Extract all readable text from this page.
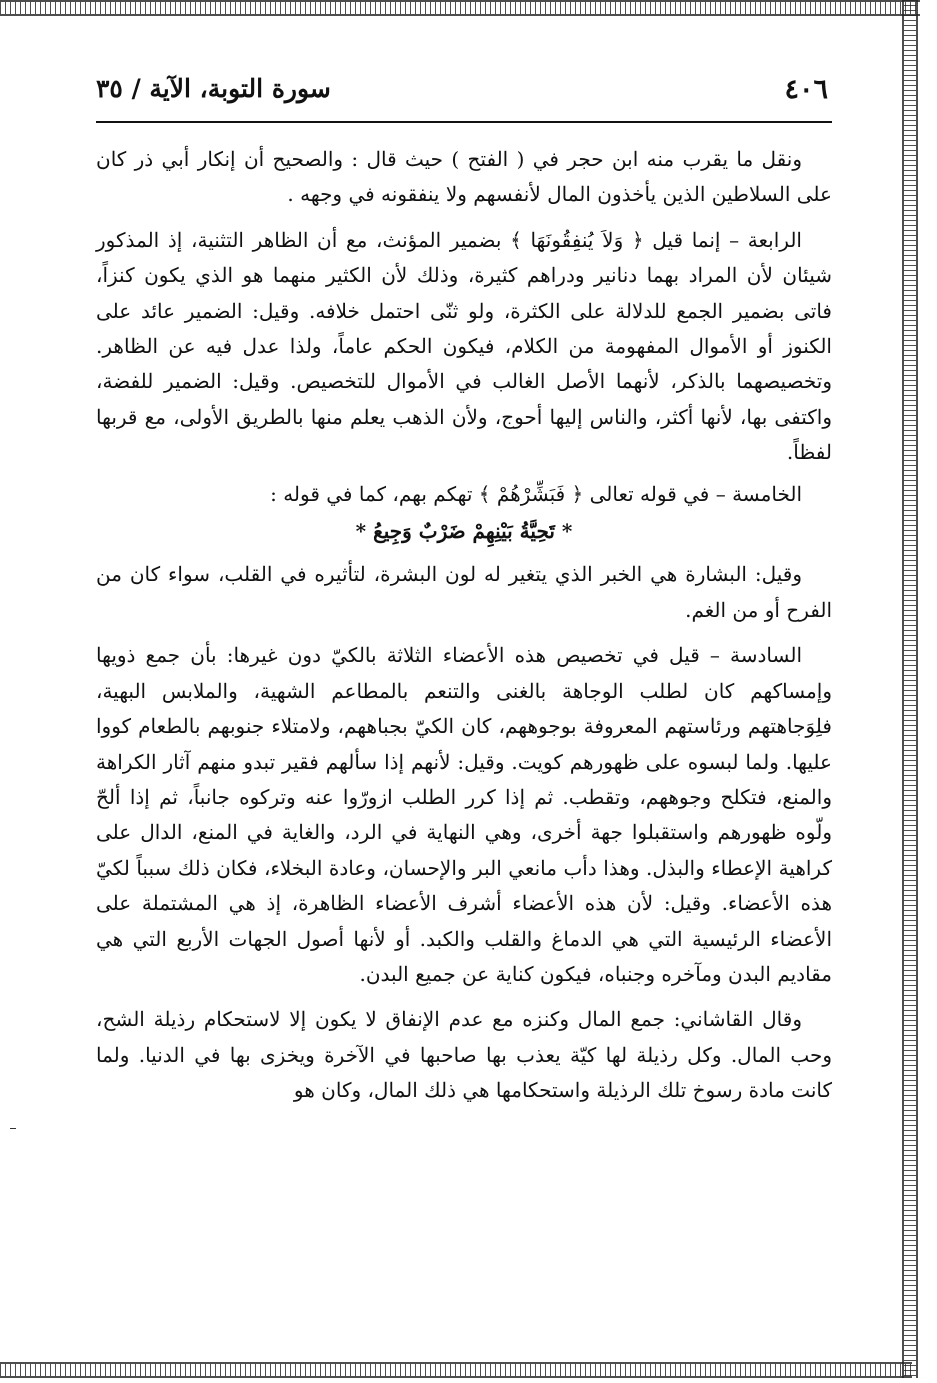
٤٠٦
سورة التوبة، الآية / ٣٥

ونقل ما يقرب منه ابن حجر في ( الفتح ) حيث قال : والصحيح أن إنكار أبي ذر كان على السلاطين الذين يأخذون المال لأنفسهم ولا ينفقونه في وجهه .

الرابعة – إنما قيل ﴿ وَلاَ يُنفِقُونَهَا ﴾ بضمير المؤنث، مع أن الظاهر التثنية، إذ المذكور شيئان لأن المراد بهما دنانير ودراهم كثيرة، وذلك لأن الكثير منهما هو الذي يكون كنزاً، فاتى بضمير الجمع للدلالة على الكثرة، ولو ثنّى احتمل خلافه. وقيل: الضمير عائد على الكنوز أو الأموال المفهومة من الكلام، فيكون الحكم عاماً، ولذا عدل فيه عن الظاهر. وتخصيصهما بالذكر، لأنهما الأصل الغالب في الأموال للتخصيص. وقيل: الضمير للفضة، واكتفى بها، لأنها أكثر، والناس إليها أحوج، ولأن الذهب يعلم منها بالطريق الأولى، مع قربها لفظاً.

الخامسة – في قوله تعالى ﴿ فَبَشِّرْهُمْ ﴾ تهكم بهم، كما في قوله :

* تَحِيَّةُ بَيْنِهِمْ ضَرْبٌ وَجِيعُ *

وقيل: البشارة هي الخبر الذي يتغير له لون البشرة، لتأثيره في القلب، سواء كان من الفرح أو من الغم.

السادسة – قيل في تخصيص هذه الأعضاء الثلاثة بالكيّ دون غيرها: بأن جمع ذويها وإمساكهم كان لطلب الوجاهة بالغنى والتنعم بالمطاعم الشهية، والملابس البهية، فلِوَجاهتهم ورئاستهم المعروفة بوجوههم، كان الكيّ بجباههم، ولامتلاء جنوبهم بالطعام كووا عليها. ولما لبسوه على ظهورهم كويت. وقيل: لأنهم إذا سألهم فقير تبدو منهم آثار الكراهة والمنع، فتكلح وجوههم، وتقطب. ثم إذا كرر الطلب ازورّوا عنه وتركوه جانباً، ثم إذا ألحّ ولّوه ظهورهم واستقبلوا جهة أخرى، وهي النهاية في الرد، والغاية في المنع، الدال على كراهية الإعطاء والبذل. وهذا دأب مانعي البر والإحسان، وعادة البخلاء، فكان ذلك سبباً لكيّ هذه الأعضاء. وقيل: لأن هذه الأعضاء أشرف الأعضاء الظاهرة، إذ هي المشتملة على الأعضاء الرئيسية التي هي الدماغ والقلب والكبد. أو لأنها أصول الجهات الأربع التي هي مقاديم البدن ومآخره وجنباه، فيكون كناية عن جميع البدن.

وقال القاشاني: جمع المال وكنزه مع عدم الإنفاق لا يكون إلا لاستحكام رذيلة الشح، وحب المال. وكل رذيلة لها كيّة يعذب بها صاحبها في الآخرة ويخزى بها في الدنيا. ولما كانت مادة رسوخ تلك الرذيلة واستحكامها هي ذلك المال، وكان هو
